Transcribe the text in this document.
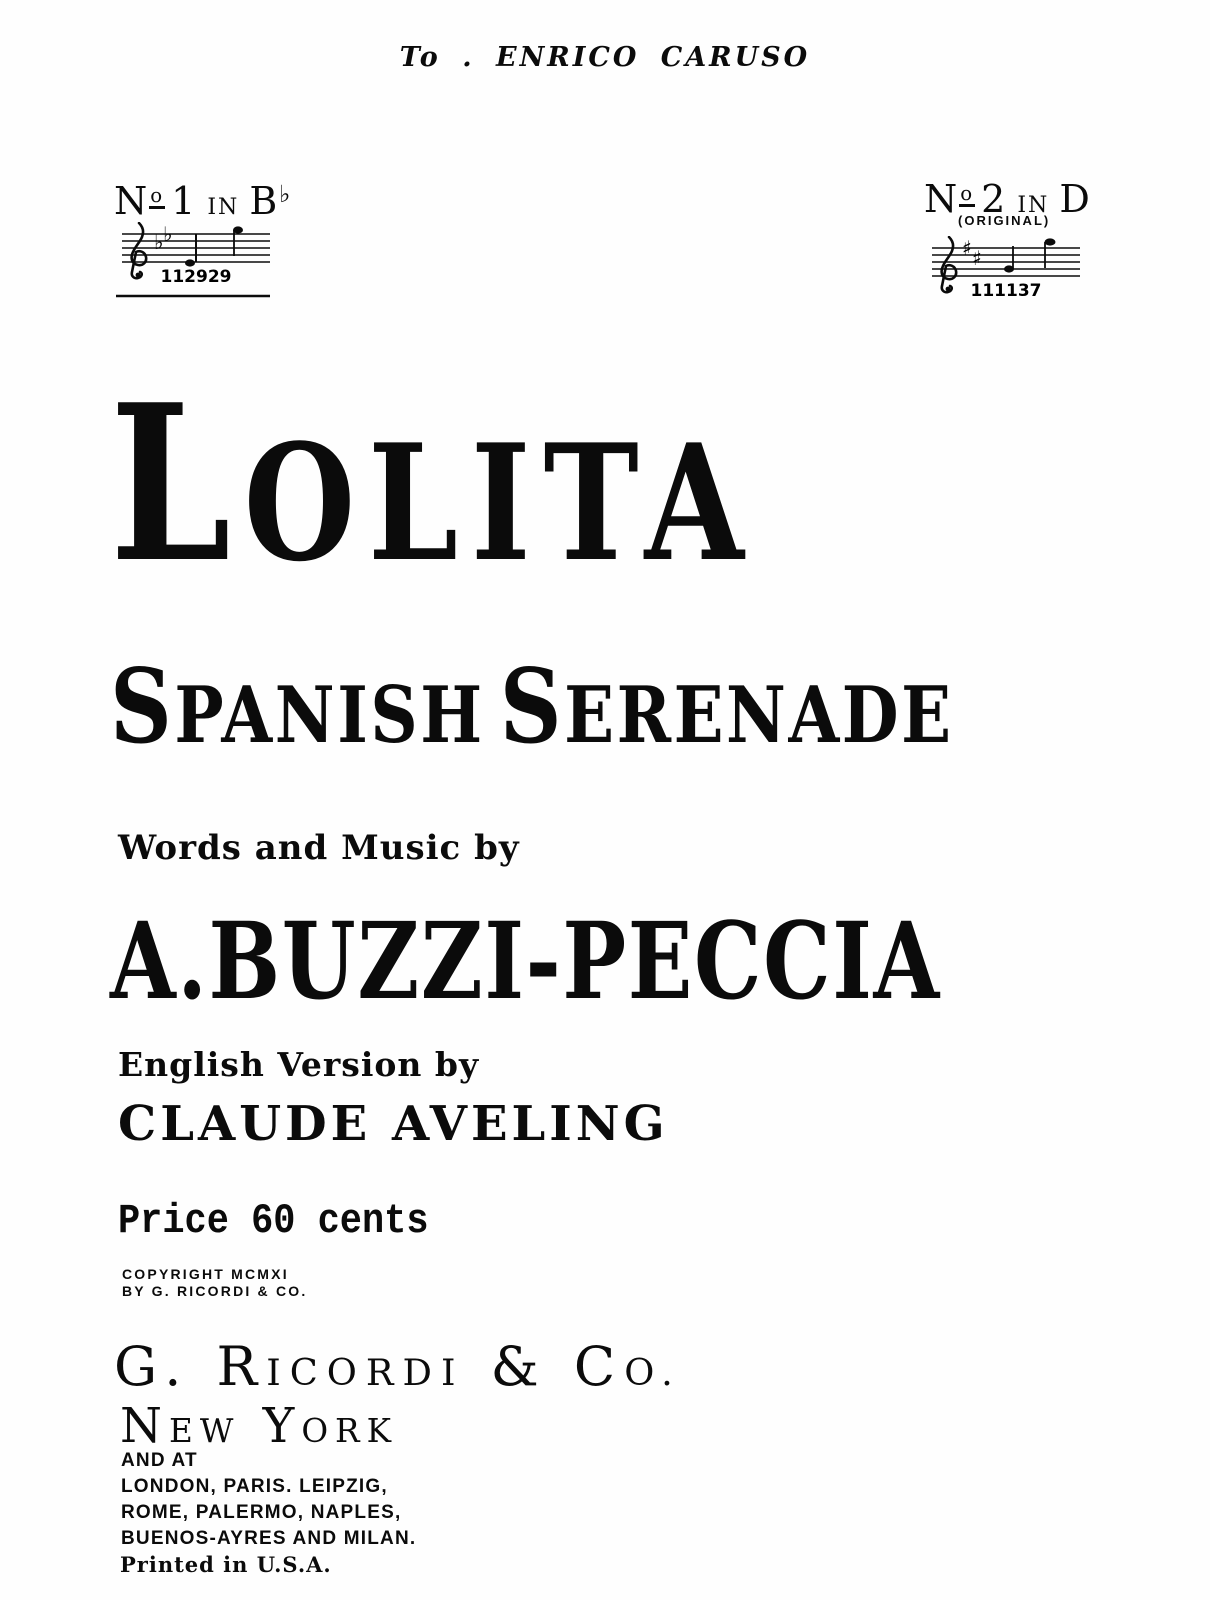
To . ENRICO CARUSO
No 1 IN B♭
♭ ♭
112929
No 2 IN D
(ORIGINAL)
♯ ♯
111137
LOLITA
SPANISH SERENADE
Words and Music by
A.BUZZI-PECCIA
English Version by
CLAUDE AVELING
Price 60 cents
COPYRIGHT MCMXI
BY G. RICORDI & CO.
G. RICORDI & CO.
NEW YORK
AND AT
LONDON, PARIS. LEIPZIG,
ROME, PALERMO, NAPLES,
BUENOS-AYRES AND MILAN.
Printed in U.S.A.
